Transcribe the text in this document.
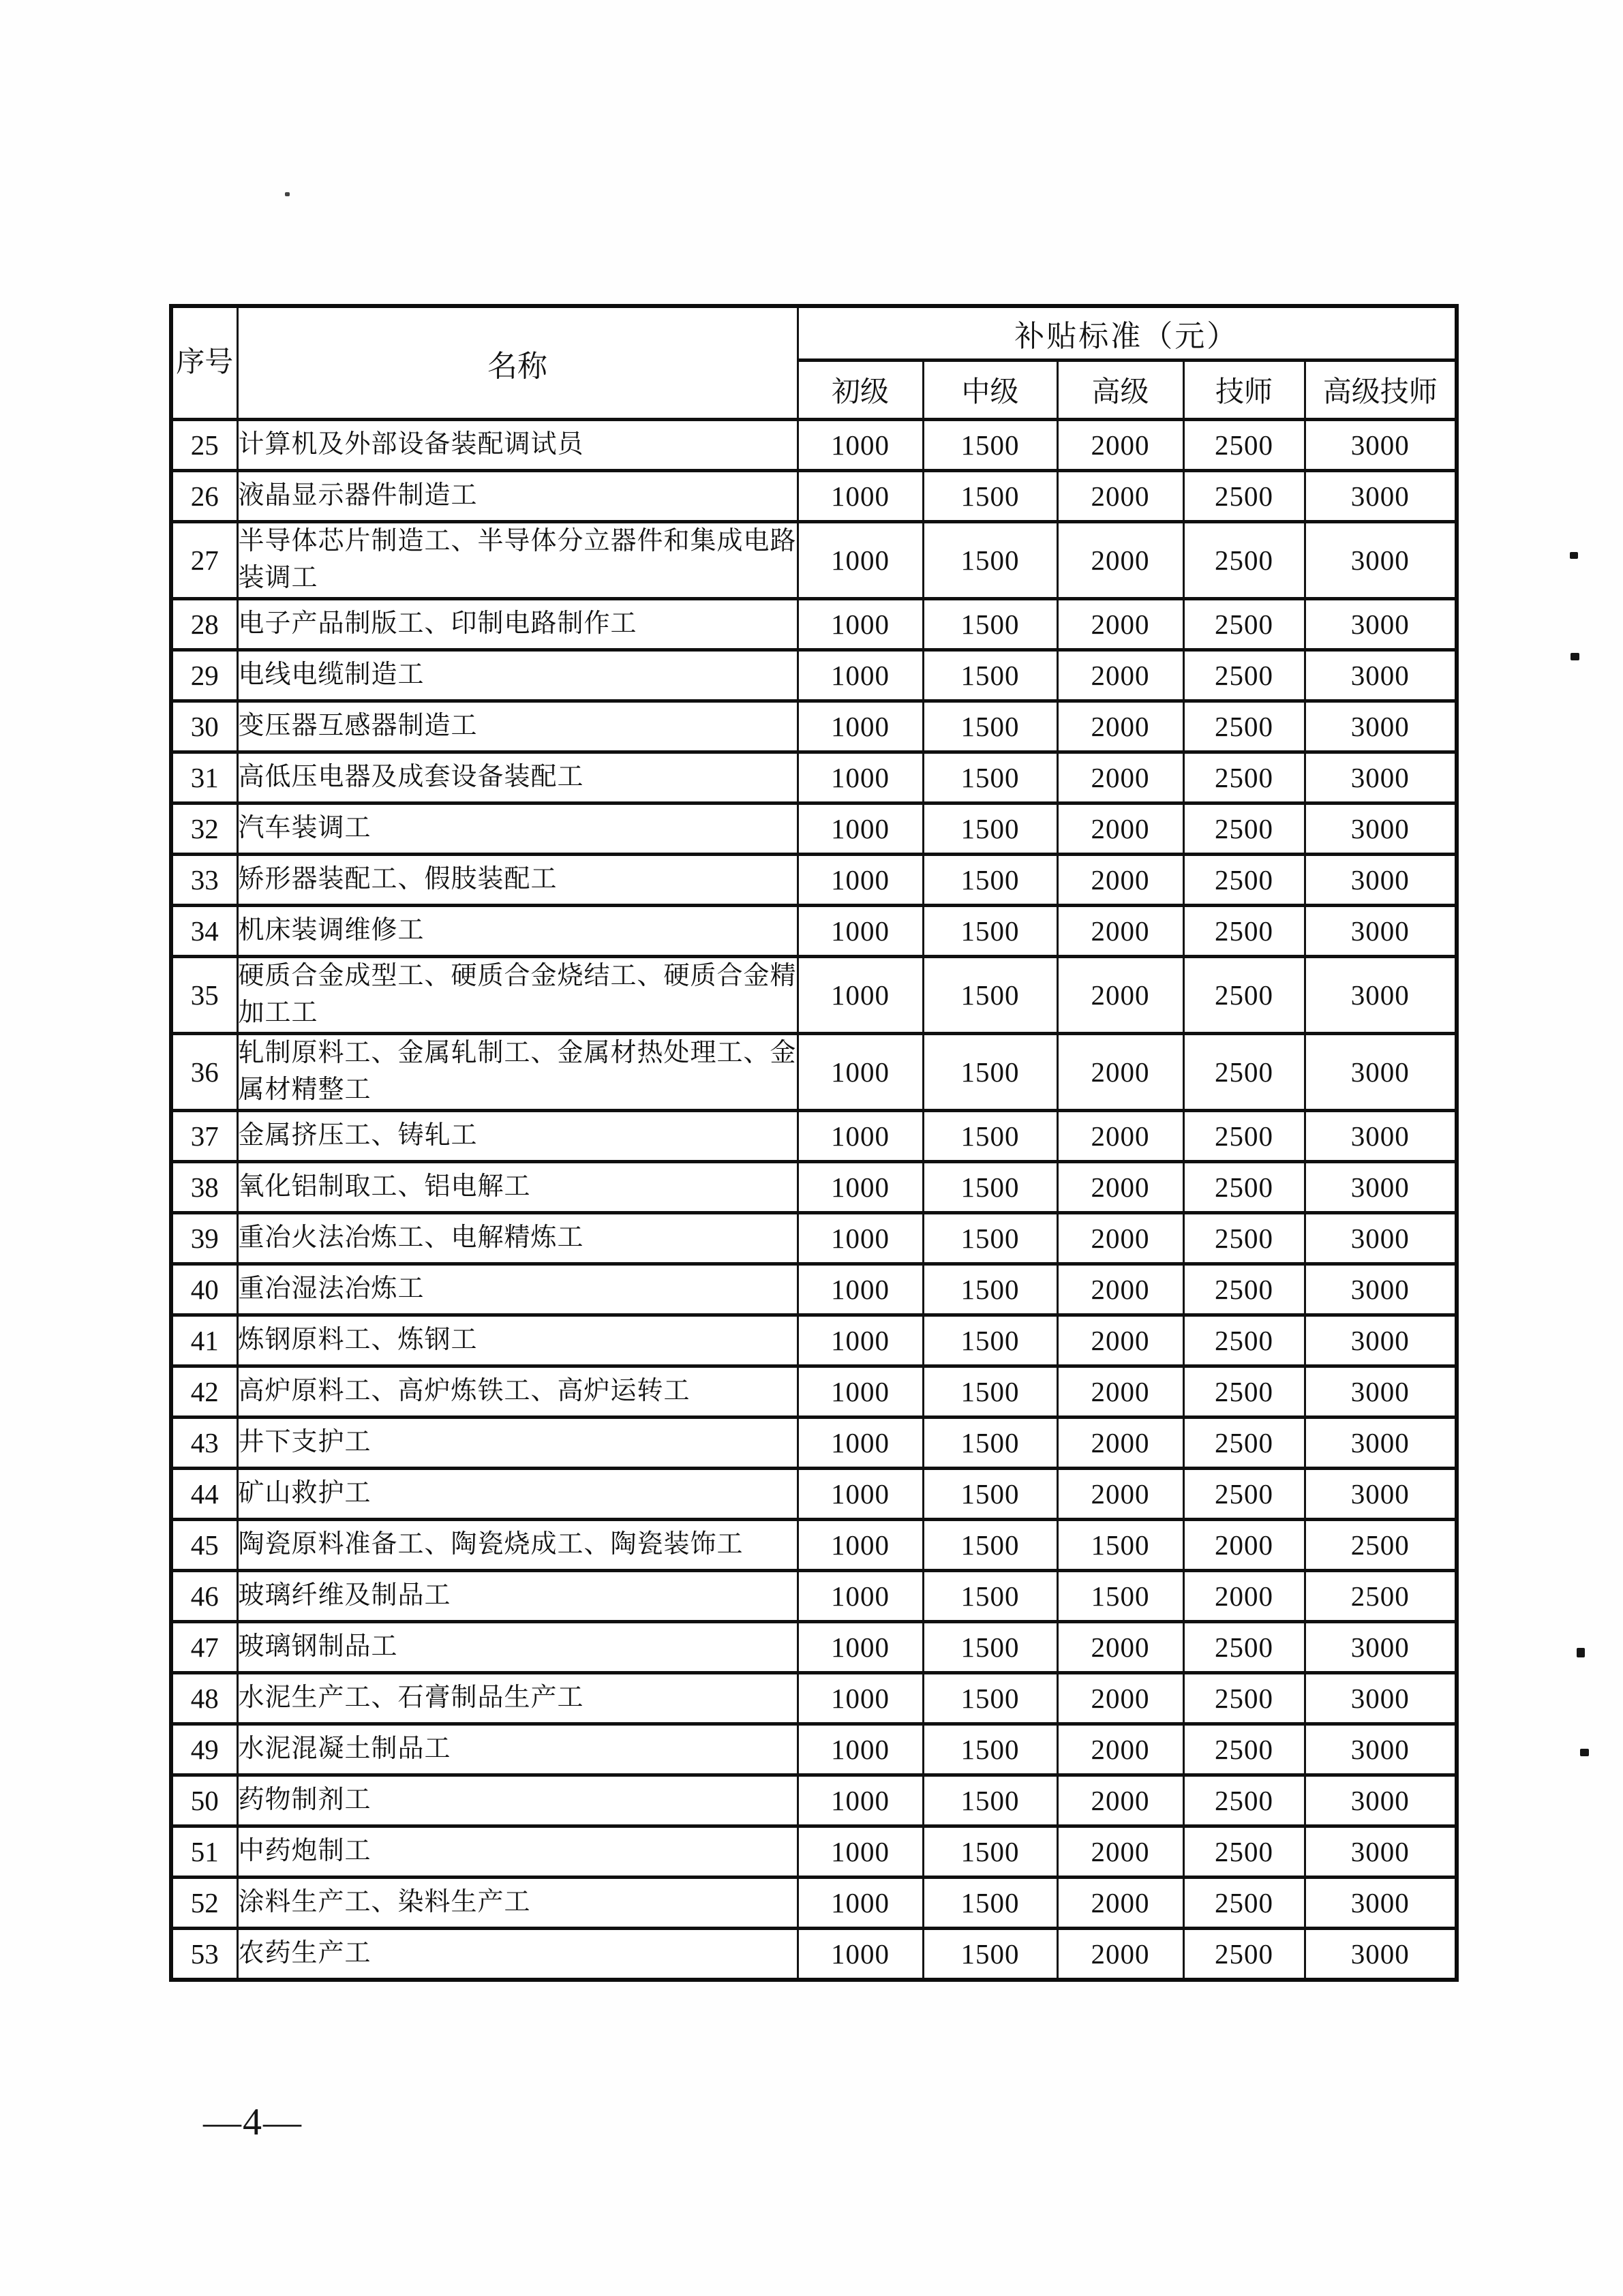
序号	名称	补贴标准（元）				
		初级	中级	高级	技师	高级技师
25	计算机及外部设备装配调试员	1000	1500	2000	2500	3000
26	液晶显示器件制造工	1000	1500	2000	2500	3000
27	半导体芯片制造工、半导体分立器件和集成电路装调工	1000	1500	2000	2500	3000
28	电子产品制版工、印制电路制作工	1000	1500	2000	2500	3000
29	电线电缆制造工	1000	1500	2000	2500	3000
30	变压器互感器制造工	1000	1500	2000	2500	3000
31	高低压电器及成套设备装配工	1000	1500	2000	2500	3000
32	汽车装调工	1000	1500	2000	2500	3000
33	矫形器装配工、假肢装配工	1000	1500	2000	2500	3000
34	机床装调维修工	1000	1500	2000	2500	3000
35	硬质合金成型工、硬质合金烧结工、硬质合金精加工工	1000	1500	2000	2500	3000
36	轧制原料工、金属轧制工、金属材热处理工、金属材精整工	1000	1500	2000	2500	3000
37	金属挤压工、铸轧工	1000	1500	2000	2500	3000
38	氧化铝制取工、铝电解工	1000	1500	2000	2500	3000
39	重冶火法冶炼工、电解精炼工	1000	1500	2000	2500	3000
40	重冶湿法冶炼工	1000	1500	2000	2500	3000
41	炼钢原料工、炼钢工	1000	1500	2000	2500	3000
42	高炉原料工、高炉炼铁工、高炉运转工	1000	1500	2000	2500	3000
43	井下支护工	1000	1500	2000	2500	3000
44	矿山救护工	1000	1500	2000	2500	3000
45	陶瓷原料准备工、陶瓷烧成工、陶瓷装饰工	1000	1500	1500	2000	2500
46	玻璃纤维及制品工	1000	1500	1500	2000	2500
47	玻璃钢制品工	1000	1500	2000	2500	3000
48	水泥生产工、石膏制品生产工	1000	1500	2000	2500	3000
49	水泥混凝土制品工	1000	1500	2000	2500	3000
50	药物制剂工	1000	1500	2000	2500	3000
51	中药炮制工	1000	1500	2000	2500	3000
52	涂料生产工、染料生产工	1000	1500	2000	2500	3000
53	农药生产工	1000	1500	2000	2500	3000
—4—
